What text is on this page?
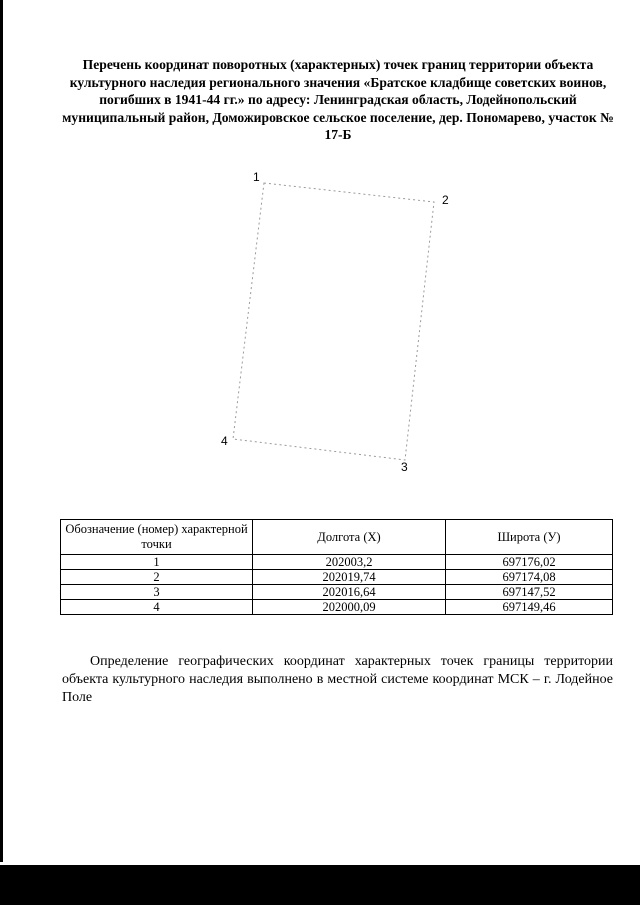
Перечень координат поворотных (характерных) точек границ территории объекта культурного наследия регионального значения «Братское кладбище советских воинов, погибших в 1941-44 гг.» по адресу: Ленинградская область, Лодейнопольский муниципальный район, Доможировское сельское поселение, дер. Пономарево, участок № 17-Б
1
2
3
4
Обозначение (номер) характерной точки	Долгота (X)	Широта (У)
1	202003,2	697176,02
2	202019,74	697174,08
3	202016,64	697147,52
4	202000,09	697149,46

Определение географических координат характерных точек границы территории объекта культурного наследия выполнено в местной системе координат МСК – г. Лодейное Поле
